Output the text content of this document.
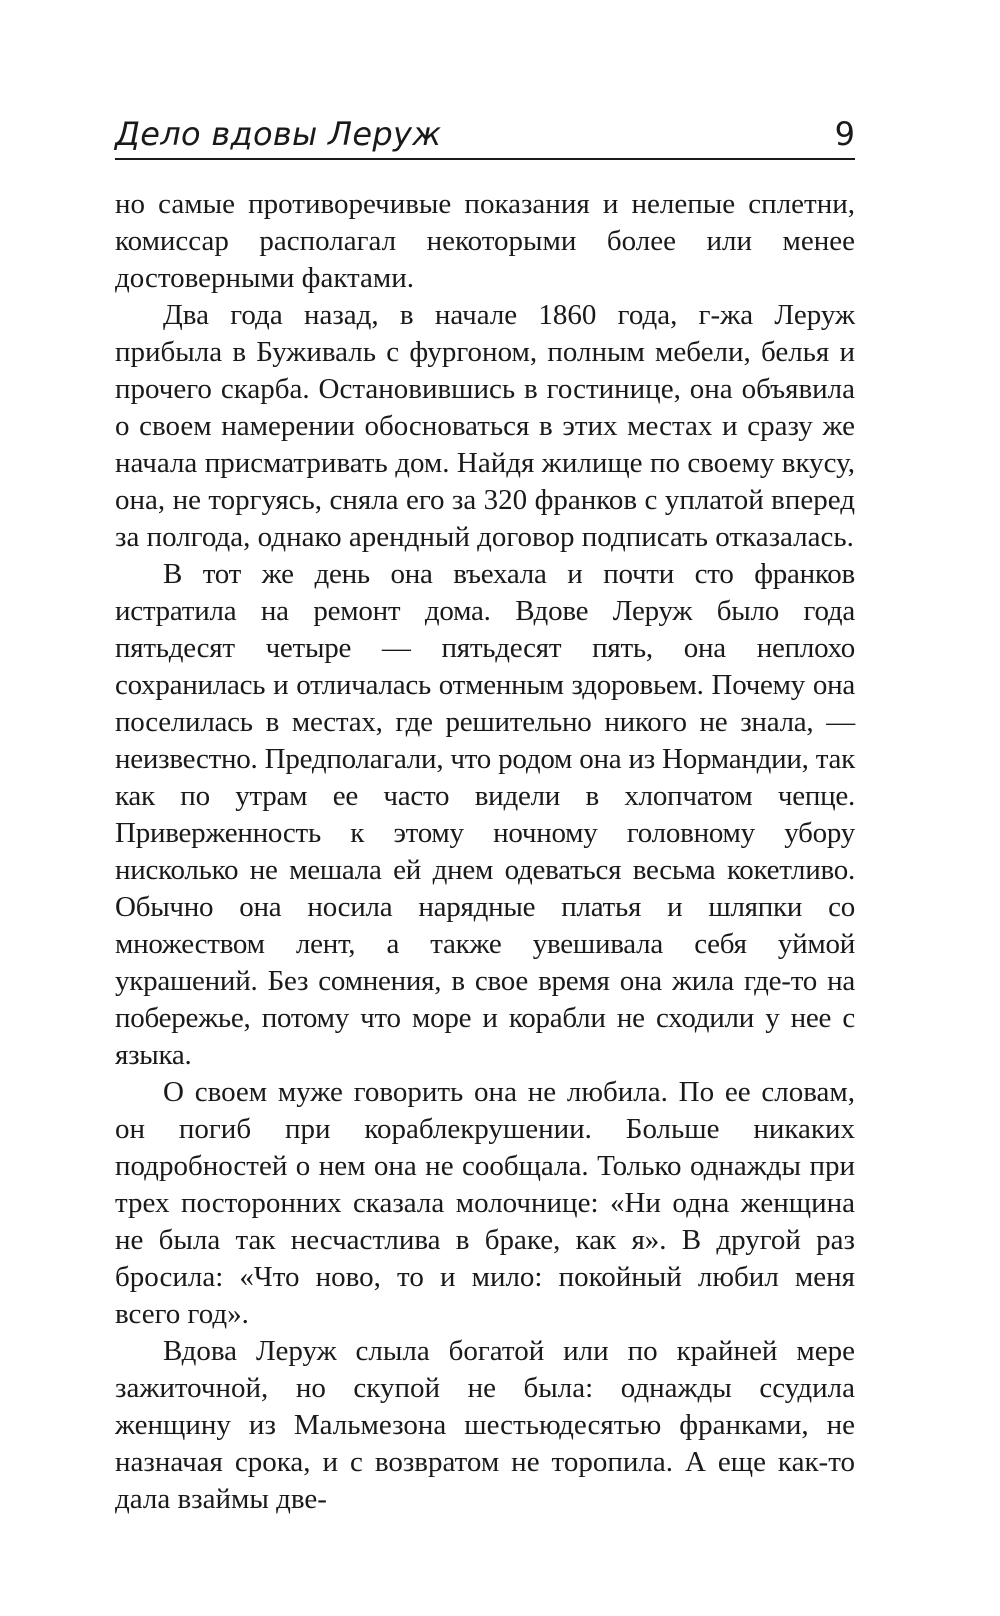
Дело вдовы Леруж	9

но самые противоречивые показания и нелепые сплетни, комиссар располагал некоторыми более или менее достоверными фактами.

Два года назад, в начале 1860 года, г-жа Леруж прибыла в Буживаль с фургоном, полным мебели, белья и прочего скарба. Остановившись в гостинице, она объявила о своем намерении обосноваться в этих местах и сразу же начала присматривать дом. Найдя жилище по своему вкусу, она, не торгуясь, сняла его за 320 франков с уплатой вперед за полгода, однако арендный договор подписать отказалась.

В тот же день она въехала и почти сто франков истратила на ремонт дома. Вдове Леруж было года пятьдесят четыре — пятьдесят пять, она неплохо сохранилась и отличалась отменным здоровьем. Почему она поселилась в местах, где решительно никого не знала, — неизвестно. Предполагали, что родом она из Нормандии, так как по утрам ее часто видели в хлопчатом чепце. Приверженность к этому ночному головному убору нисколько не мешала ей днем одеваться весьма кокетливо. Обычно она носила нарядные платья и шляпки со множеством лент, а также увешивала себя уймой украшений. Без сомнения, в свое время она жила где-то на побережье, потому что море и корабли не сходили у нее с языка.

О своем муже говорить она не любила. По ее словам, он погиб при кораблекрушении. Больше никаких подробностей о нем она не сообщала. Только однажды при трех посторонних сказала молочнице: «Ни одна женщина не была так несчастлива в браке, как я». В другой раз бросила: «Что ново, то и мило: покойный любил меня всего год».

Вдова Леруж слыла богатой или по крайней мере зажиточной, но скупой не была: однажды ссудила женщину из Мальмезона шестьюдесятью франками, не назначая срока, и с возвратом не торопила. А еще как-то дала взаймы две-
